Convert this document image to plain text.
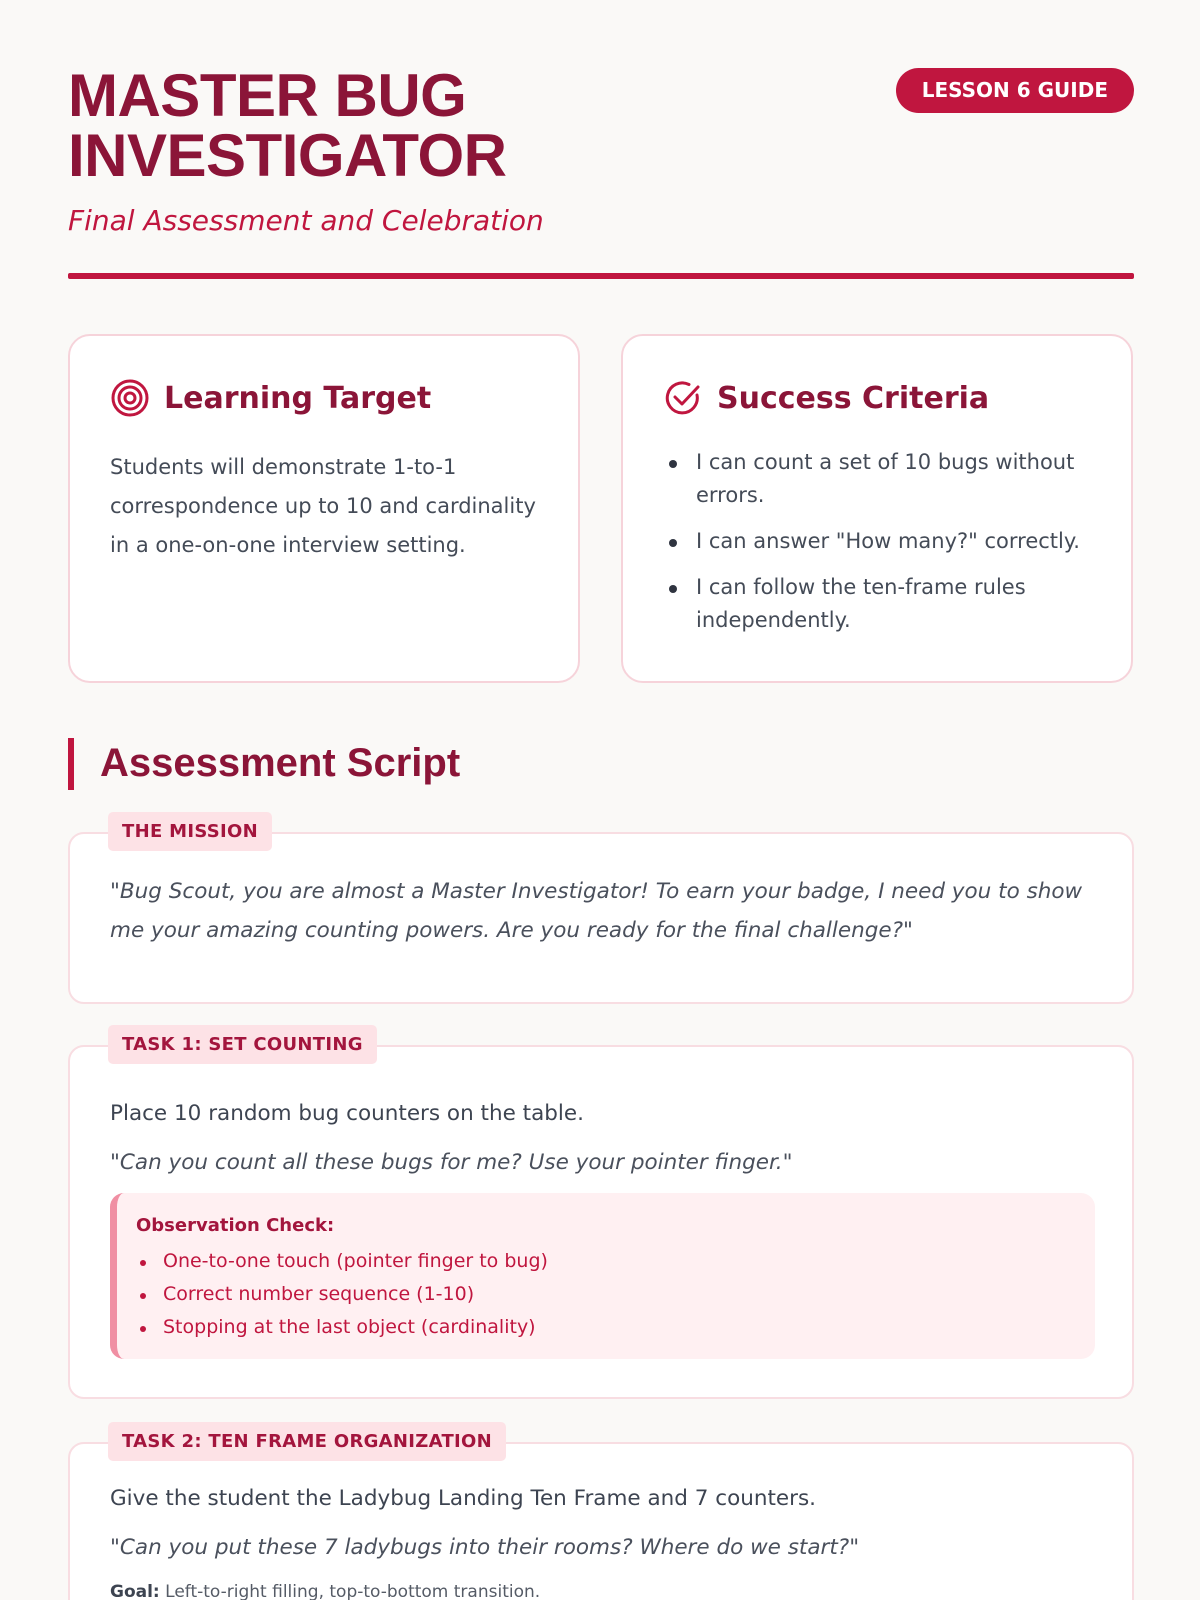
MASTER BUG
INVESTIGATOR
Final Assessment and Celebration
LESSON 6 GUIDE
Learning Target

Students will demonstrate 1-to-1 correspondence up to 10 and cardinality in a one-on-one interview setting.

Success Criteria
I can count a set of 10 bugs without errors.
I can answer "How many?" correctly.
I can follow the ten-frame rules independently.
Assessment Script

"Bug Scout, you are almost a Master Investigator! To earn your badge, I need you to show me your amazing counting powers. Are you ready for the final challenge?"

THE MISSION

Place 10 random bug counters on the table.

"Can you count all these bugs for me? Use your pointer finger."

Observation Check:
One-to-one touch (pointer finger to bug)
Correct number sequence (1-10)
Stopping at the last object (cardinality)
TASK 1: SET COUNTING

Give the student the Ladybug Landing Ten Frame and 7 counters.

"Can you put these 7 ladybugs into their rooms? Where do we start?"

Goal: Left-to-right filling, top-to-bottom transition.

TASK 2: TEN FRAME ORGANIZATION
